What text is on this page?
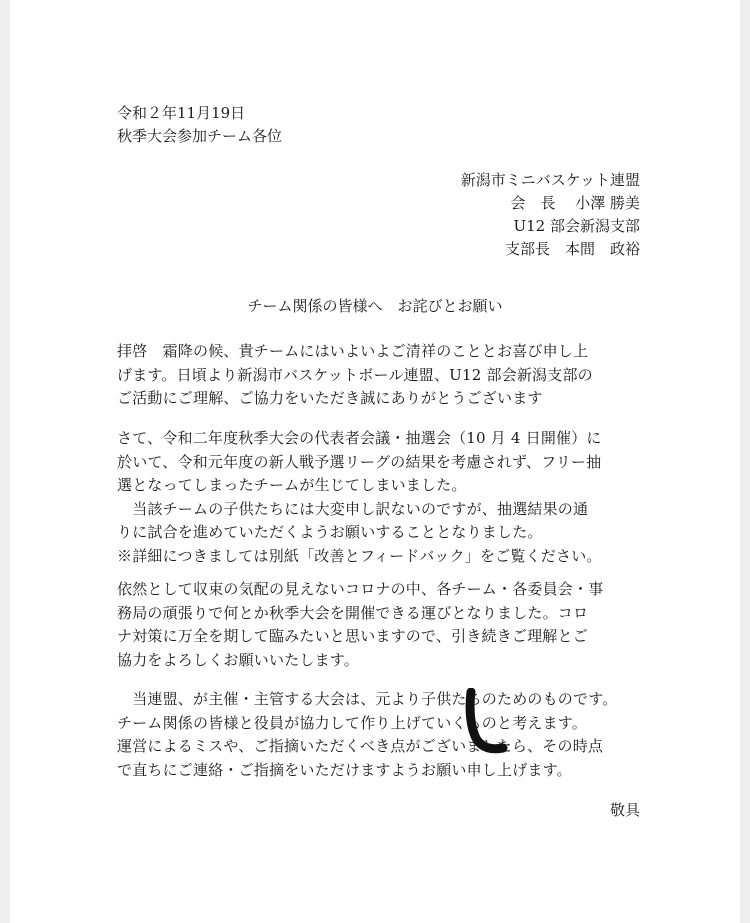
令和２年11月19日
秋季大会参加チーム各位
新潟市ミニバスケット連盟
会　長　 小澤 勝美
U12 部会新潟支部
支部長　本間　政裕
チーム関係の皆様へ　お詫びとお願い
拝啓　霜降の候、貴チームにはいよいよご清祥のこととお喜び申し上
げます。日頃より新潟市バスケットボール連盟、U12 部会新潟支部の
ご活動にご理解、ご協力をいただき誠にありがとうございます
さて、令和二年度秋季大会の代表者会議・抽選会（10 月 4 日開催）に
於いて、令和元年度の新人戦予選リーグの結果を考慮されず、フリー抽
選となってしまったチームが生じてしまいました。
　当該チームの子供たちには大変申し訳ないのですが、抽選結果の通
りに試合を進めていただくようお願いすることとなりました。
※詳細につきましては別紙「改善とフィードバック」をご覧ください。
依然として収束の気配の見えないコロナの中、各チーム・各委員会・事
務局の頑張りで何とか秋季大会を開催できる運びとなりました。コロ
ナ対策に万全を期して臨みたいと思いますので、引き続きご理解とご
協力をよろしくお願いいたします。
　当連盟、が主催・主管する大会は、元より子供たちのためのものです。
チーム関係の皆様と役員が協力して作り上げていくものと考えます。
運営によるミスや、ご指摘いただくべき点がございましたら、その時点
で直ちにご連絡・ご指摘をいただけますようお願い申し上げます。
敬具
